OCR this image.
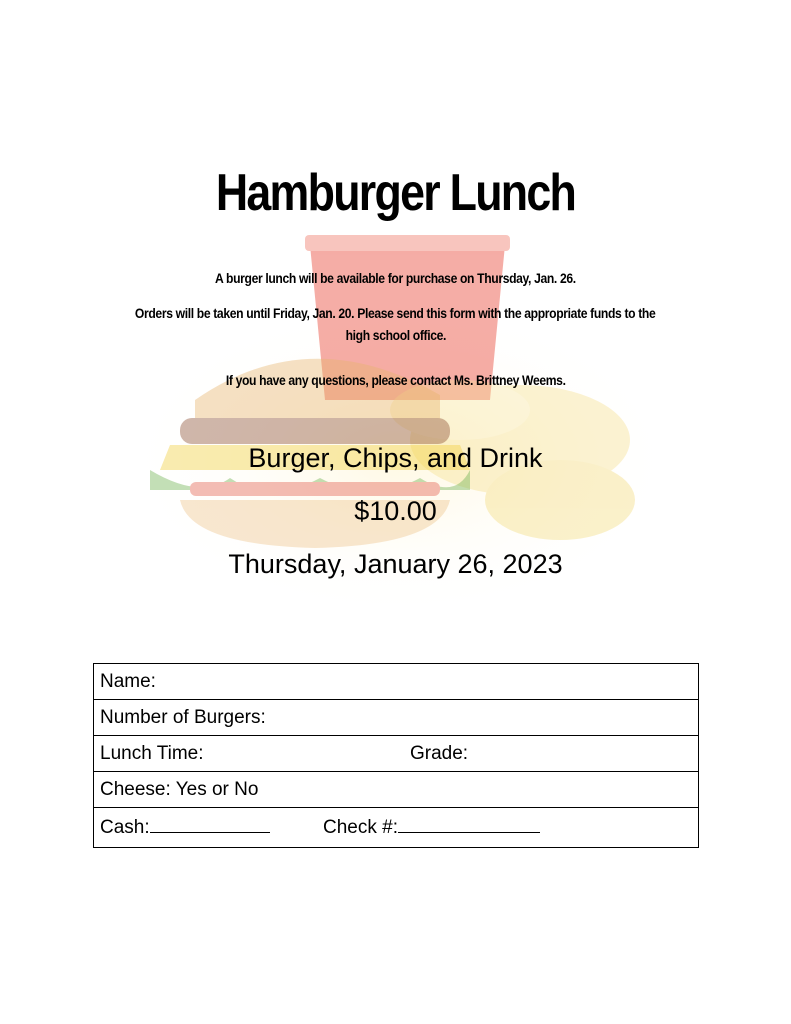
Hamburger Lunch
A burger lunch will be available for purchase on Thursday, Jan. 26.
Orders will be taken until Friday, Jan. 20. Please send this form with the appropriate funds to the
high school office.
If you have any questions, please contact Ms. Brittney Weems.
Burger, Chips, and Drink
$10.00
Thursday, January 26, 2023
Name:
Number of Burgers:
Lunch Time:	Grade:

Cheese: Yes or No
Cash:	Check #:
